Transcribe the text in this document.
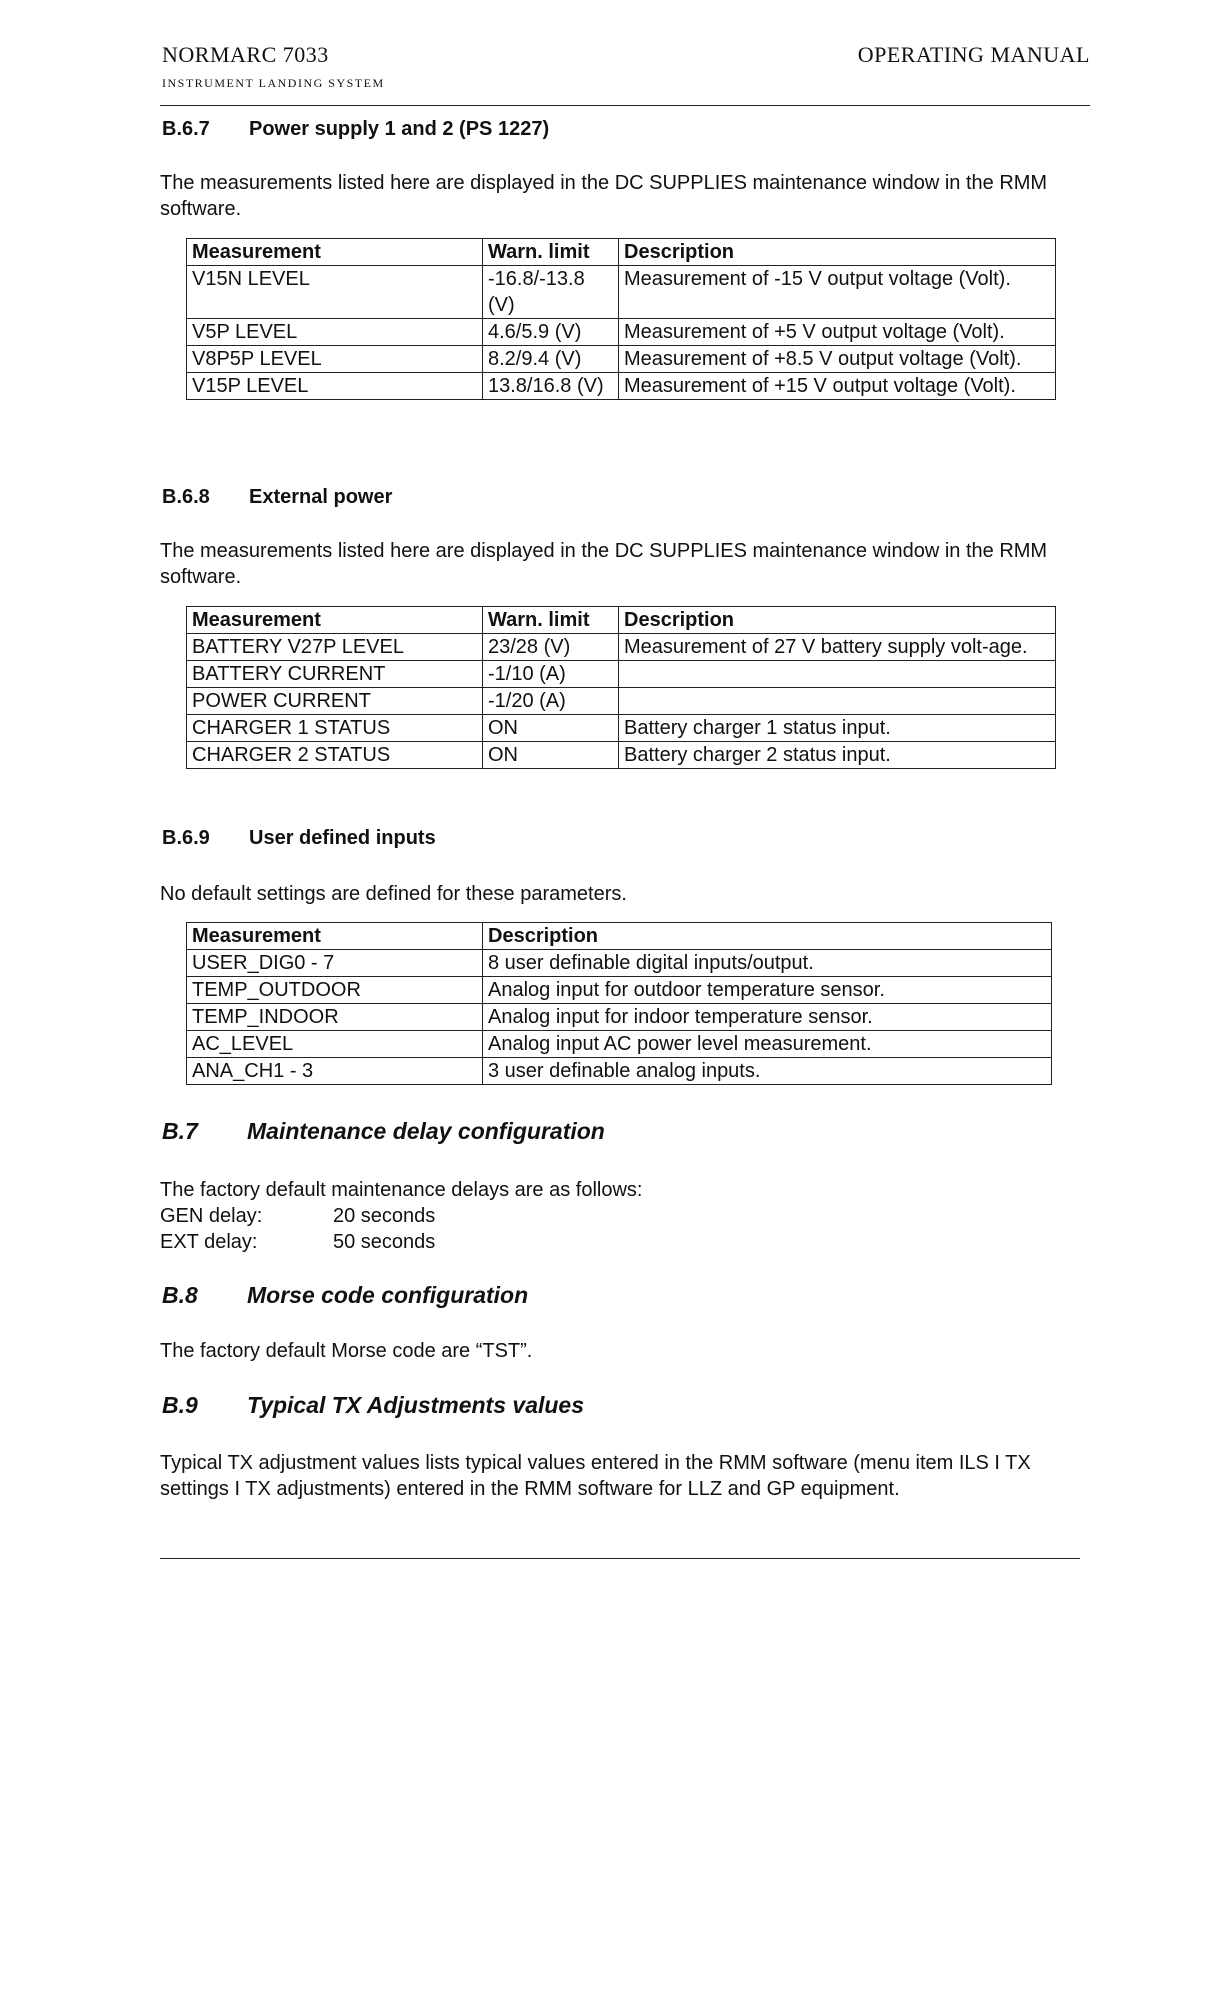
NORMARC 7033
INSTRUMENT LANDING SYSTEM
OPERATING MANUAL
B.6.7 Power supply 1 and 2 (PS 1227)
The measurements listed here are displayed in the DC SUPPLIES maintenance window in the RMM software.
Measurement	Warn. limit	Description
V15N LEVEL	-16.8/-13.8 (V)	Measurement of -15 V output voltage (Volt).
V5P LEVEL	4.6/5.9 (V)	Measurement of +5 V output voltage (Volt).
V8P5P LEVEL	8.2/9.4 (V)	Measurement of +8.5 V output voltage (Volt).
V15P LEVEL	13.8/16.8 (V)	Measurement of +15 V output voltage (Volt).
B.6.8 External power
The measurements listed here are displayed in the DC SUPPLIES maintenance window in the RMM software.
Measurement	Warn. limit	Description
BATTERY V27P LEVEL	23/28 (V)	Measurement of 27 V battery supply volt-age.
BATTERY CURRENT	-1/10 (A)	
POWER CURRENT	-1/20 (A)	
CHARGER 1 STATUS	ON	Battery charger 1 status input.
CHARGER 2 STATUS	ON	Battery charger 2 status input.
B.6.9 User defined inputs
No default settings are defined for these parameters.
Measurement	Description
USER_DIG0 - 7	8 user definable digital inputs/output.
TEMP_OUTDOOR	Analog input for outdoor temperature sensor.
TEMP_INDOOR	Analog input for indoor temperature sensor.
AC_LEVEL	Analog input AC power level measurement.
ANA_CH1 - 3	3 user definable analog inputs.
B.7 Maintenance delay configuration
The factory default maintenance delays are as follows:
GEN delay:	20 seconds
EXT delay:	50 seconds
B.8 Morse code configuration
The factory default Morse code are “TST”.
B.9 Typical TX Adjustments values
Typical TX adjustment values lists typical values entered in the RMM software (menu item ILS I TX settings I TX adjustments) entered in the RMM software for LLZ and GP equipment.
